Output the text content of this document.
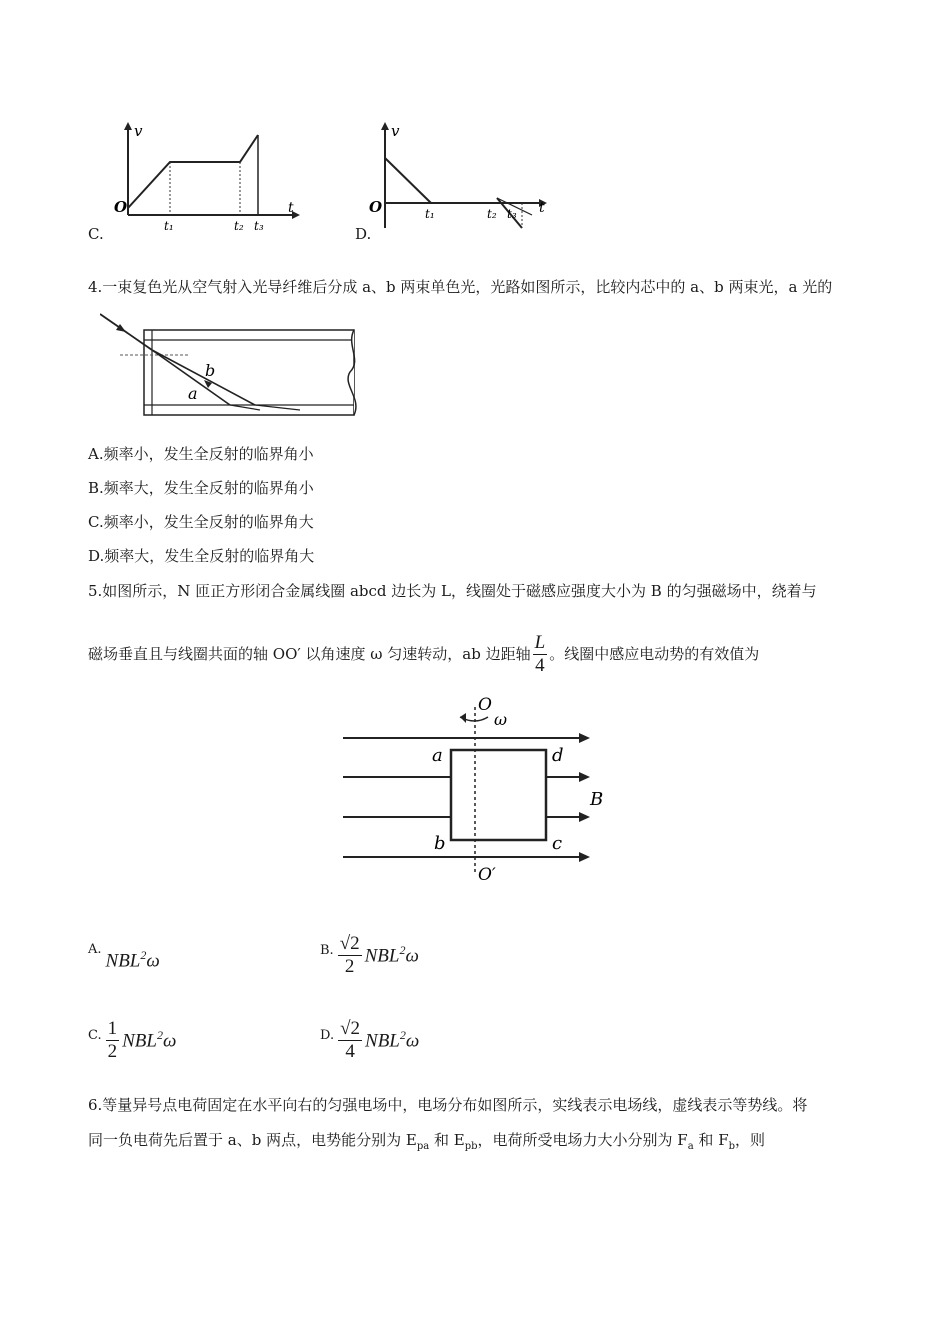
C.
v
O	t
t₁	t₂ t₃	D.
v
O	t
t₁	t₂ t₃
4.一束复色光从空气射入光导纤维后分成 a、b 两束单色光，光路如图所示，比较内芯中的 a、b 两束光，a 光的
b
a
A.频率小，发生全反射的临界角小
B.频率大，发生全反射的临界角小
C.频率小，发生全反射的临界角大
D.频率大，发生全反射的临界角大
5.如图所示，N 匝正方形闭合金属线圈 abcd 边长为 L，线圈处于磁感应强度大小为 B 的匀强磁场中，绕着与
磁场垂直且与线圈共面的轴 OO′ 以角速度 ω 匀速转动，ab 边距轴 $\frac{L}{4}$ 。线圈中感应电动势的有效值为
O
ω
a	d
b	c
B
O′
A.
NBL$^2$ω	B. $\frac{√2}{2} NBL^2\omega$
C. $\frac{1}{2} NBL^2\omega$	D. $\frac{√2}{4} NBL^2\omega$
6.等量异号点电荷固定在水平向右的匀强电场中，电场分布如图所示，实线表示电场线，虚线表示等势线。将
同一负电荷先后置于 a、b 两点，电势能分别为 $E_{pa}$ 和 $E_{pb}$，电荷所受电场力大小分别为 $F_a$ 和 $F_b$，则
